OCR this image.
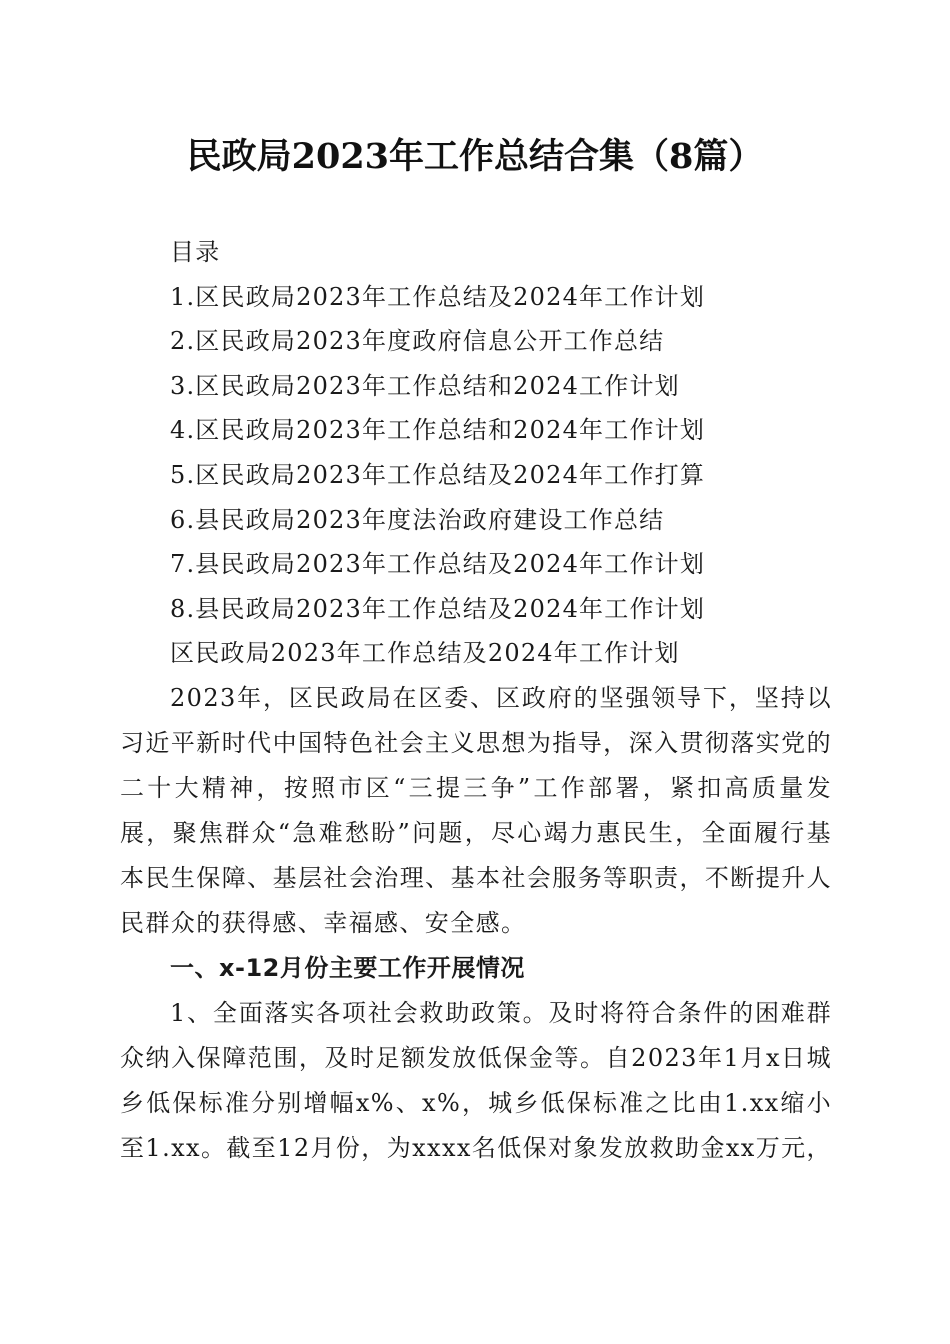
民政局2023年工作总结合集（8篇）
目录
1.区民政局2023年工作总结及2024年工作计划
2.区民政局2023年度政府信息公开工作总结
3.区民政局2023年工作总结和2024工作计划
4.区民政局2023年工作总结和2024年工作计划
5.区民政局2023年工作总结及2024年工作打算
6.县民政局2023年度法治政府建设工作总结
7.县民政局2023年工作总结及2024年工作计划
8.县民政局2023年工作总结及2024年工作计划
区民政局2023年工作总结及2024年工作计划

2023年，区民政局在区委、区政府的坚强领导下，坚持以习近平新时代中国特色社会主义思想为指导，深入贯彻落实党的二十大精神，按照市区“三提三争”工作部署，紧扣高质量发展，聚焦群众“急难愁盼”问题，尽心竭力惠民生，全面履行基本民生保障、基层社会治理、基本社会服务等职责，不断提升人民群众的获得感、幸福感、安全感。

一、x-12月份主要工作开展情况

1、全面落实各项社会救助政策。及时将符合条件的困难群众纳入保障范围，及时足额发放低保金等。自2023年1月x日城乡低保标准分别增幅x%、x%，城乡低保标准之比由1.xx缩小至1.xx。截至12月份，为xxxx名低保对象发放救助金xx万元，
